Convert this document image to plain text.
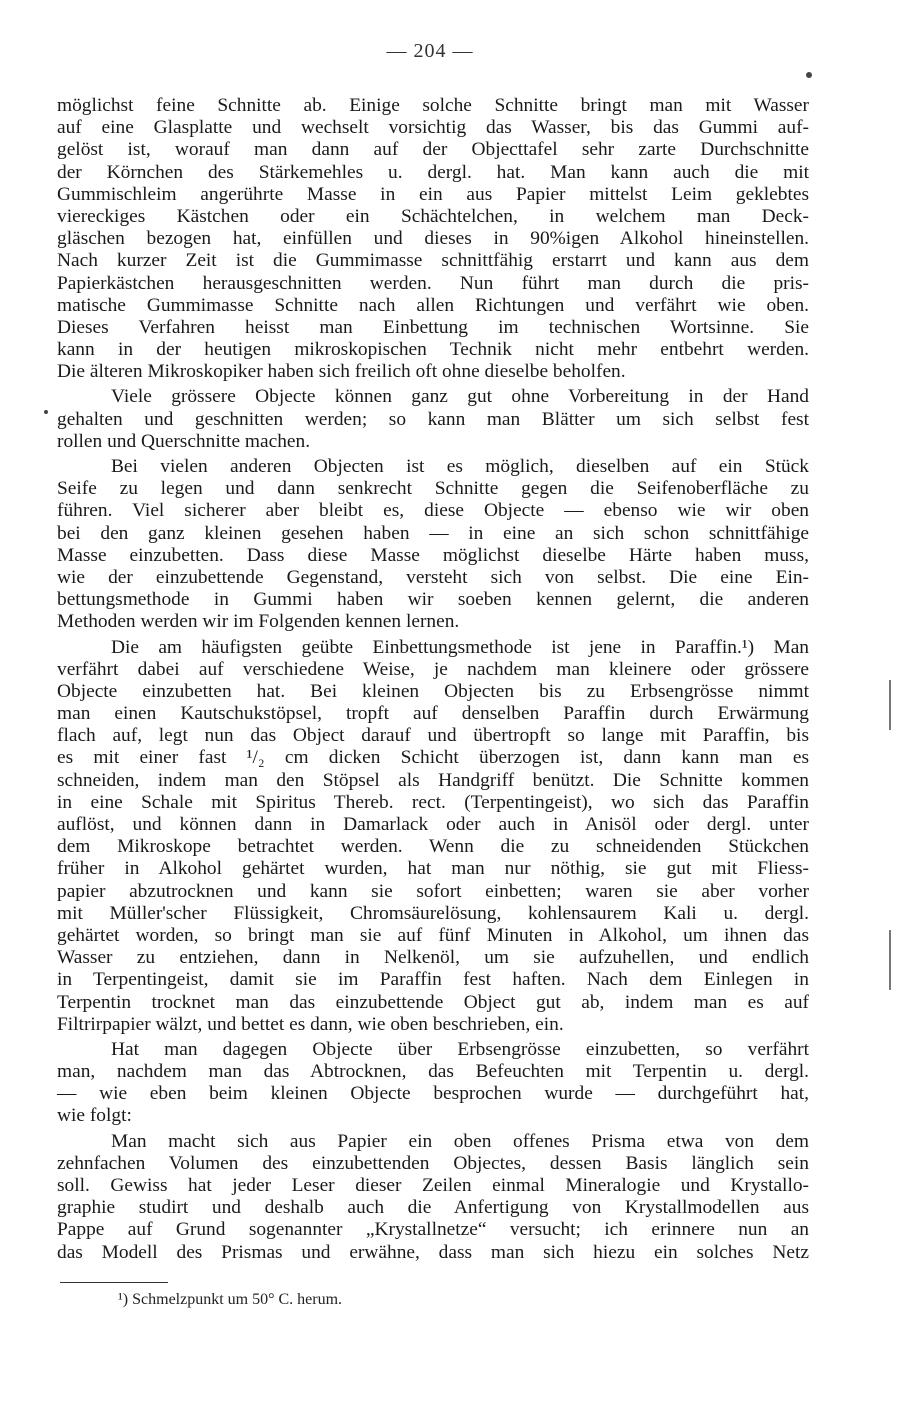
— 204 —
möglichst feine Schnitte ab. Einige solche Schnitte bringt man mit Wasser
auf eine Glasplatte und wechselt vorsichtig das Wasser, bis das Gummi auf-
gelöst ist, worauf man dann auf der Objecttafel sehr zarte Durchschnitte
der Körnchen des Stärkemehles u. dergl. hat. Man kann auch die mit
Gummischleim angerührte Masse in ein aus Papier mittelst Leim geklebtes
viereckiges Kästchen oder ein Schächtelchen, in welchem man Deck-
gläschen bezogen hat, einfüllen und dieses in 90%igen Alkohol hineinstellen.
Nach kurzer Zeit ist die Gummimasse schnittfähig erstarrt und kann aus dem
Papierkästchen herausgeschnitten werden. Nun führt man durch die pris-
matische Gummimasse Schnitte nach allen Richtungen und verfährt wie oben.
Dieses Verfahren heisst man Einbettung im technischen Wortsinne. Sie
kann in der heutigen mikroskopischen Technik nicht mehr entbehrt werden.
Die älteren Mikroskopiker haben sich freilich oft ohne dieselbe beholfen.
Viele grössere Objecte können ganz gut ohne Vorbereitung in der Hand
gehalten und geschnitten werden; so kann man Blätter um sich selbst fest
rollen und Querschnitte machen.
Bei vielen anderen Objecten ist es möglich, dieselben auf ein Stück
Seife zu legen und dann senkrecht Schnitte gegen die Seifenoberfläche zu
führen. Viel sicherer aber bleibt es, diese Objecte — ebenso wie wir oben
bei den ganz kleinen gesehen haben — in eine an sich schon schnittfähige
Masse einzubetten. Dass diese Masse möglichst dieselbe Härte haben muss,
wie der einzubettende Gegenstand, versteht sich von selbst. Die eine Ein-
bettungsmethode in Gummi haben wir soeben kennen gelernt, die anderen
Methoden werden wir im Folgenden kennen lernen.
Die am häufigsten geübte Einbettungsmethode ist jene in Paraffin.¹) Man
verfährt dabei auf verschiedene Weise, je nachdem man kleinere oder grössere
Objecte einzubetten hat. Bei kleinen Objecten bis zu Erbsengrösse nimmt
man einen Kautschukstöpsel, tropft auf denselben Paraffin durch Erwärmung
flach auf, legt nun das Object darauf und übertropft so lange mit Paraffin, bis
es mit einer fast ¹/₂ cm dicken Schicht überzogen ist, dann kann man es
schneiden, indem man den Stöpsel als Handgriff benützt. Die Schnitte kommen
in eine Schale mit Spiritus Thereb. rect. (Terpentingeist), wo sich das Paraffin
auflöst, und können dann in Damarlack oder auch in Anisöl oder dergl. unter
dem Mikroskope betrachtet werden. Wenn die zu schneidenden Stückchen
früher in Alkohol gehärtet wurden, hat man nur nöthig, sie gut mit Fliess-
papier abzutrocknen und kann sie sofort einbetten; waren sie aber vorher
mit Müller'scher Flüssigkeit, Chromsäurelösung, kohlensaurem Kali u. dergl.
gehärtet worden, so bringt man sie auf fünf Minuten in Alkohol, um ihnen das
Wasser zu entziehen, dann in Nelkenöl, um sie aufzuhellen, und endlich
in Terpentingeist, damit sie im Paraffin fest haften. Nach dem Einlegen in
Terpentin trocknet man das einzubettende Object gut ab, indem man es auf
Filtrirpapier wälzt, und bettet es dann, wie oben beschrieben, ein.
Hat man dagegen Objecte über Erbsengrösse einzubetten, so verfährt
man, nachdem man das Abtrocknen, das Befeuchten mit Terpentin u. dergl.
— wie eben beim kleinen Objecte besprochen wurde — durchgeführt hat,
wie folgt:
Man macht sich aus Papier ein oben offenes Prisma etwa von dem
zehnfachen Volumen des einzubettenden Objectes, dessen Basis länglich sein
soll. Gewiss hat jeder Leser dieser Zeilen einmal Mineralogie und Krystallo-
graphie studirt und deshalb auch die Anfertigung von Krystallmodellen aus
Pappe auf Grund sogenannter „Krystallnetze“ versucht; ich erinnere nun an
das Modell des Prismas und erwähne, dass man sich hiezu ein solches Netz
¹) Schmelzpunkt um 50° C. herum.
